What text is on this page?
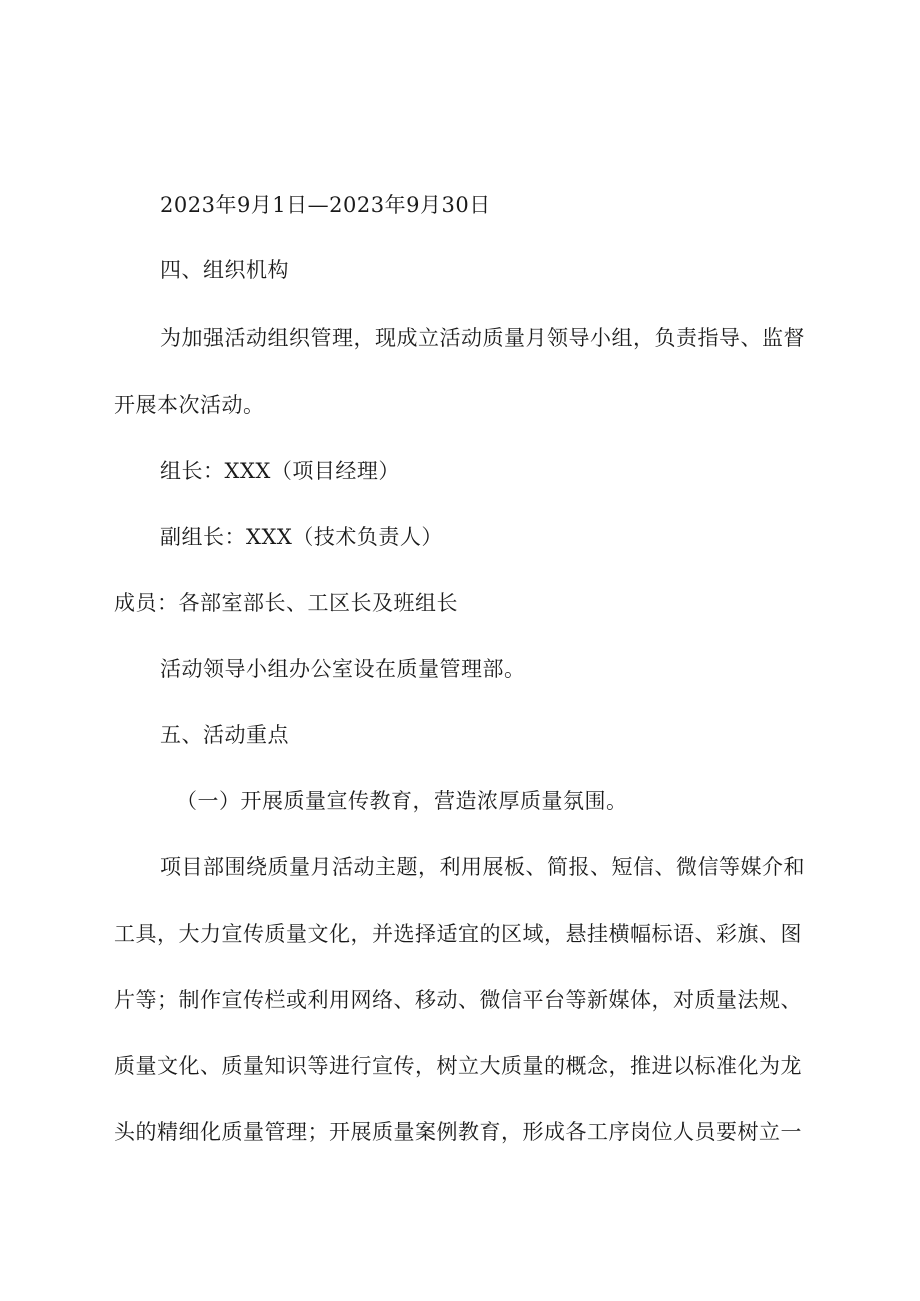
2023年9月1日—2023年9月30日
四、组织机构
为加强活动组织管理，现成立活动质量月领导小组，负责指导、监督
开展本次活动。
组长：XXX（项目经理）
副组长：XXX（技术负责人）
成员：各部室部长、工区长及班组长
活动领导小组办公室设在质量管理部。
五、活动重点
（一）开展质量宣传教育，营造浓厚质量氛围。
项目部围绕质量月活动主题，利用展板、简报、短信、微信等媒介和
工具，大力宣传质量文化，并选择适宜的区域，悬挂横幅标语、彩旗、图
片等；制作宣传栏或利用网络、移动、微信平台等新媒体，对质量法规、
质量文化、质量知识等进行宣传，树立大质量的概念，推进以标准化为龙
头的精细化质量管理；开展质量案例教育，形成各工序岗位人员要树立一
